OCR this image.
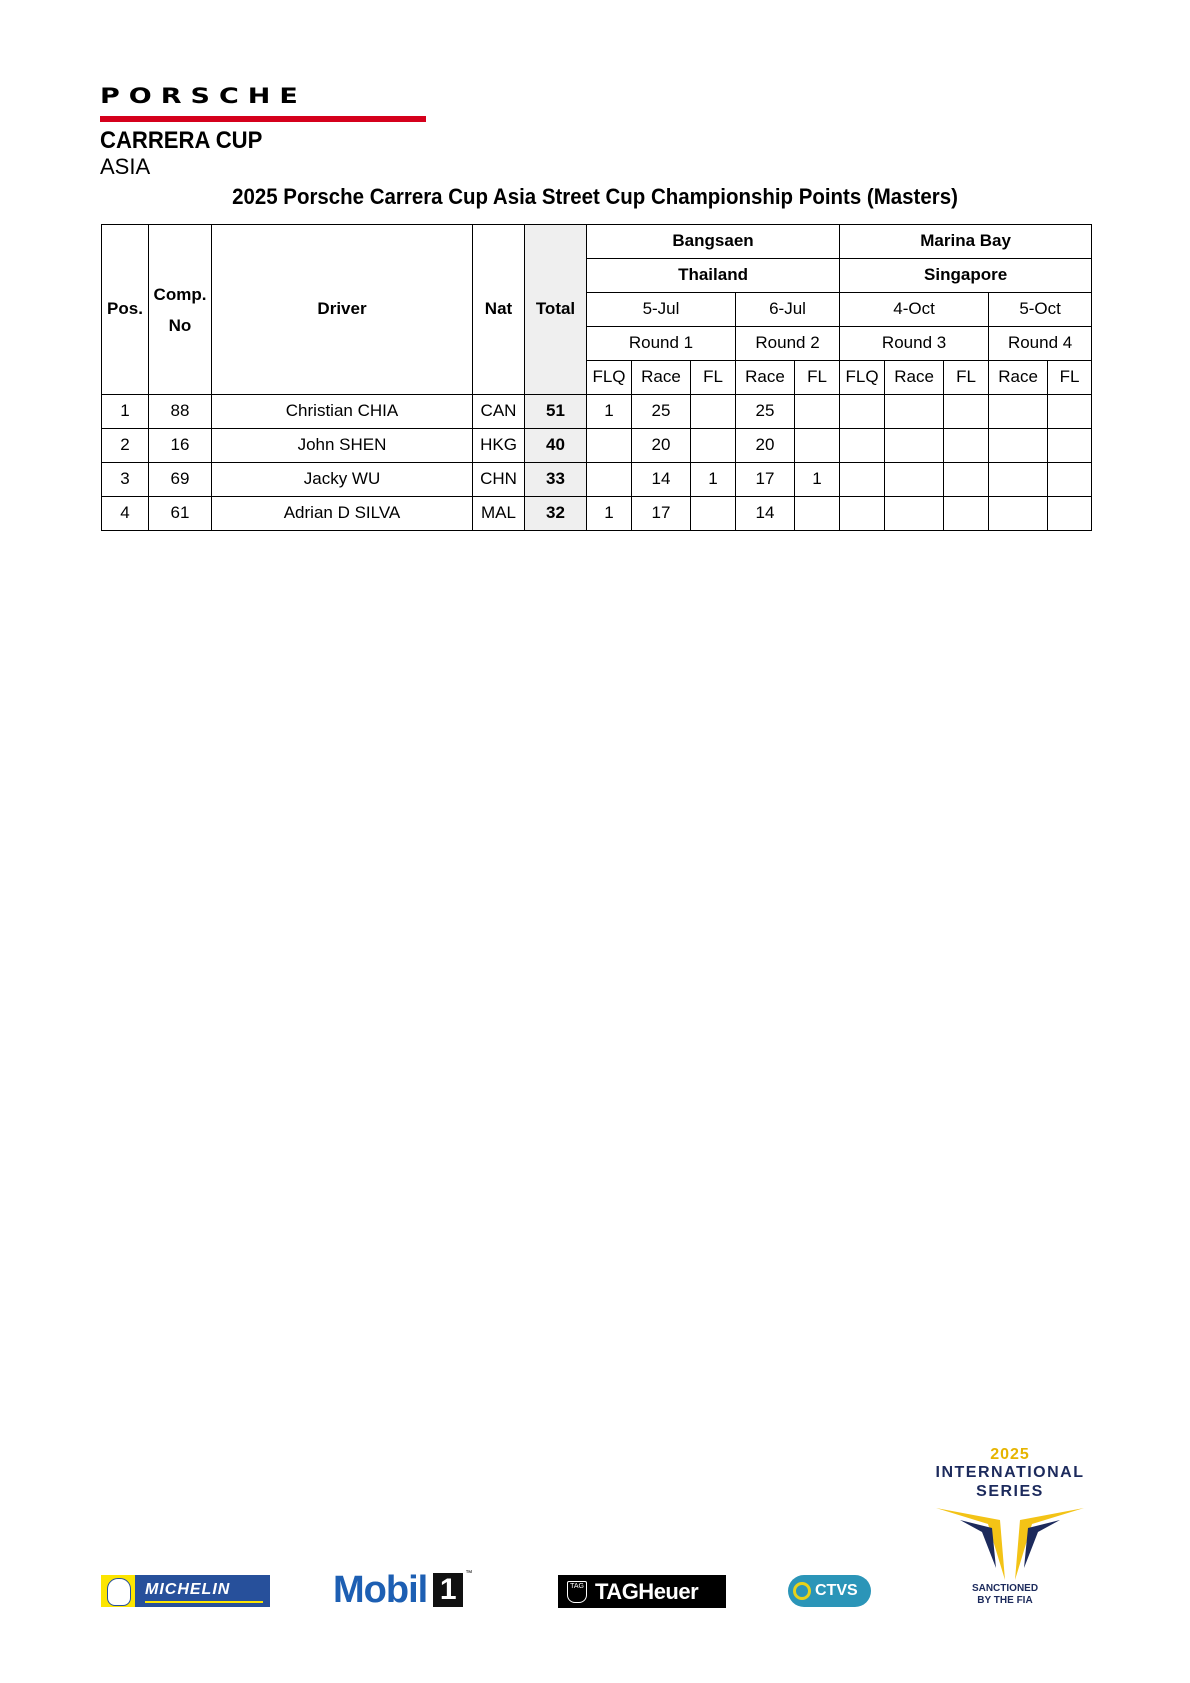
PORSCHE
CARRERA CUP
ASIA
2025 Porsche Carrera Cup Asia Street Cup Championship Points (Masters)
Pos.	Comp. No	Driver	Nat	Total	Bangsaen					Marina Bay				
					Thailand					Singapore				
					5-Jul			6-Jul		4-Oct			5-Oct	
					Round 1			Round 2		Round 3			Round 4	
					FLQ	Race	FL	Race	FL	FLQ	Race	FL	Race	FL
1	88	Christian CHIA	CAN	51	1	25		25						
2	16	John SHEN	HKG	40		20		20						
3	69	Jacky WU	CHN	33		14	1	17	1					
4	61	Adrian D SILVA	MAL	32	1	17		14						
MICHELIN	Mobil 1	™
TAG TAGHeuer	CTVS
2025
INTERNATIONAL
SERIES
SANCTIONED
BY THE FIA
